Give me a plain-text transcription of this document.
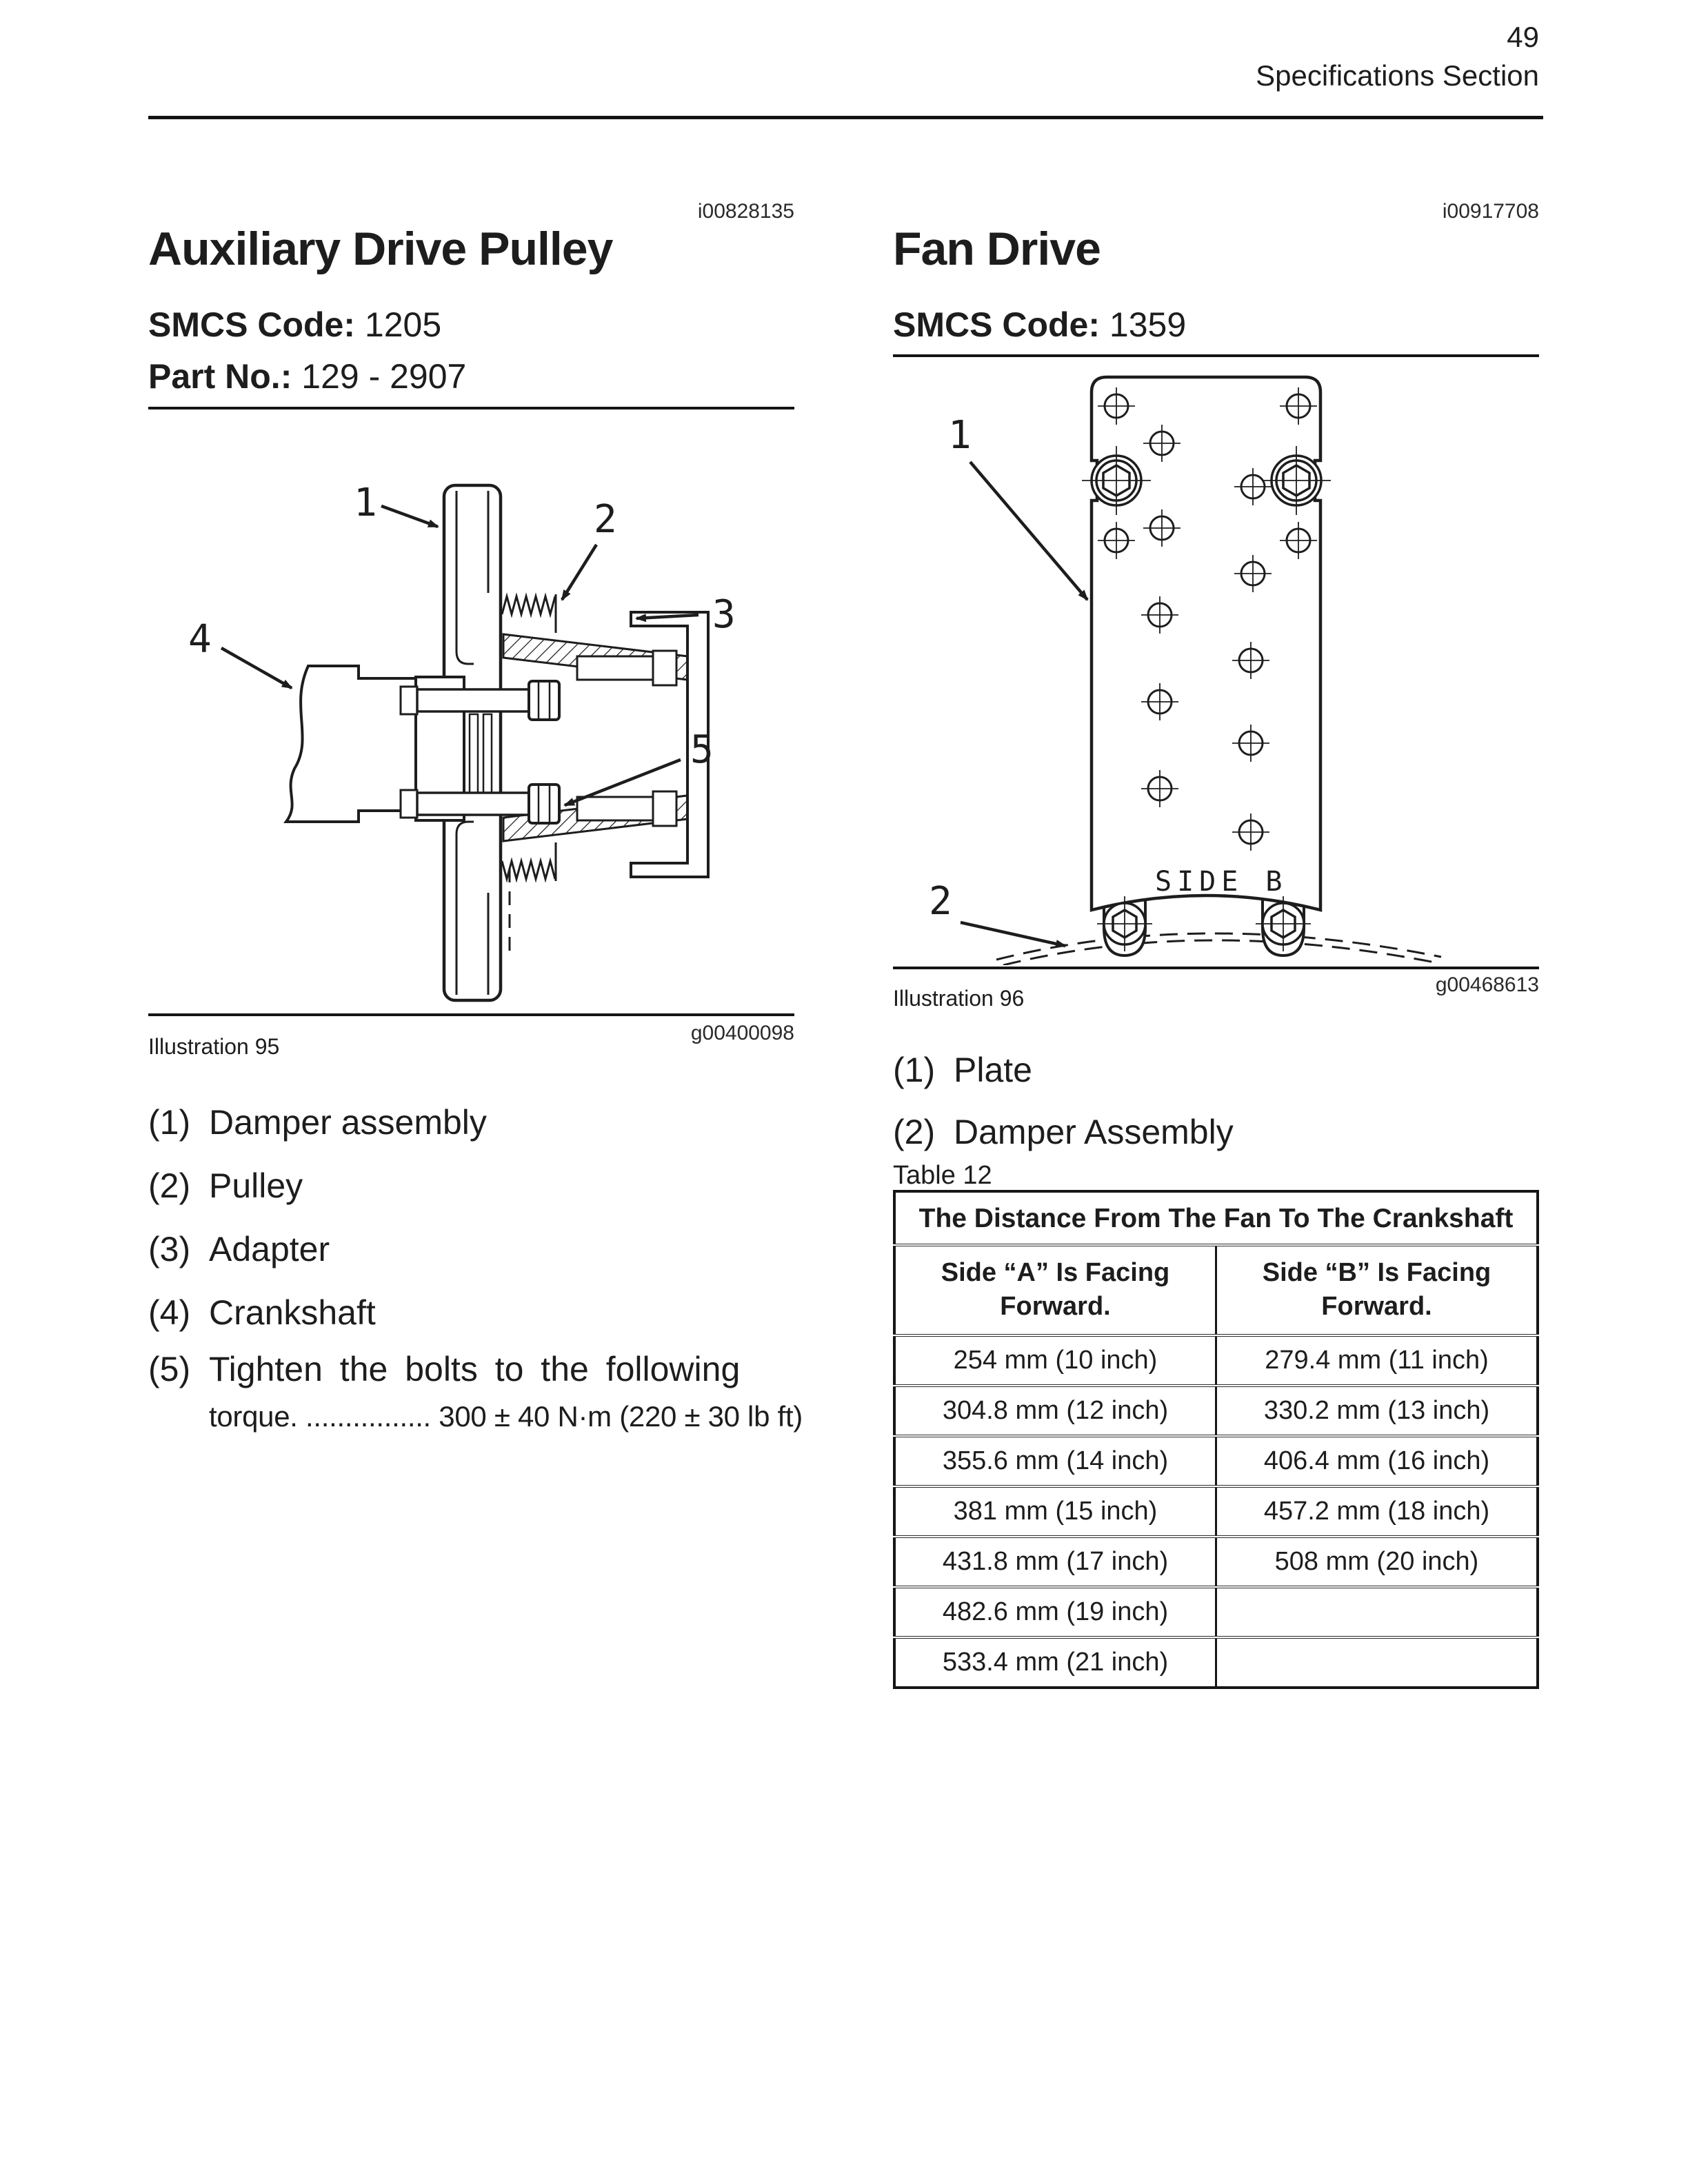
49
Specifications Section
i00828135
Auxiliary Drive Pulley
SMCS Code: 1205
Part No.: 129 - 2907
1	2
3
4
5
g00400098
Illustration 95
(1) Damper assembly
(2) Pulley
(3) Adapter
(4) Crankshaft
(5) Tighten the bolts to the following
torque. ................ 300 ± 40 N·m (220 ± 30 lb ft)
i00917708
Fan Drive
SMCS Code: 1359
SIDE B
1
2
g00468613
Illustration 96
(1) Plate
(2) Damper Assembly
Table 12
The Distance From The Fan To The Crankshaft	
Side “A” Is Facing Forward.	Side “B” Is Facing Forward.
254 mm (10 inch)	279.4 mm (11 inch)
304.8 mm (12 inch)	330.2 mm (13 inch)
355.6 mm (14 inch)	406.4 mm (16 inch)
381 mm (15 inch)	457.2 mm (18 inch)
431.8 mm (17 inch)	508 mm (20 inch)
482.6 mm (19 inch)	
533.4 mm (21 inch)	
